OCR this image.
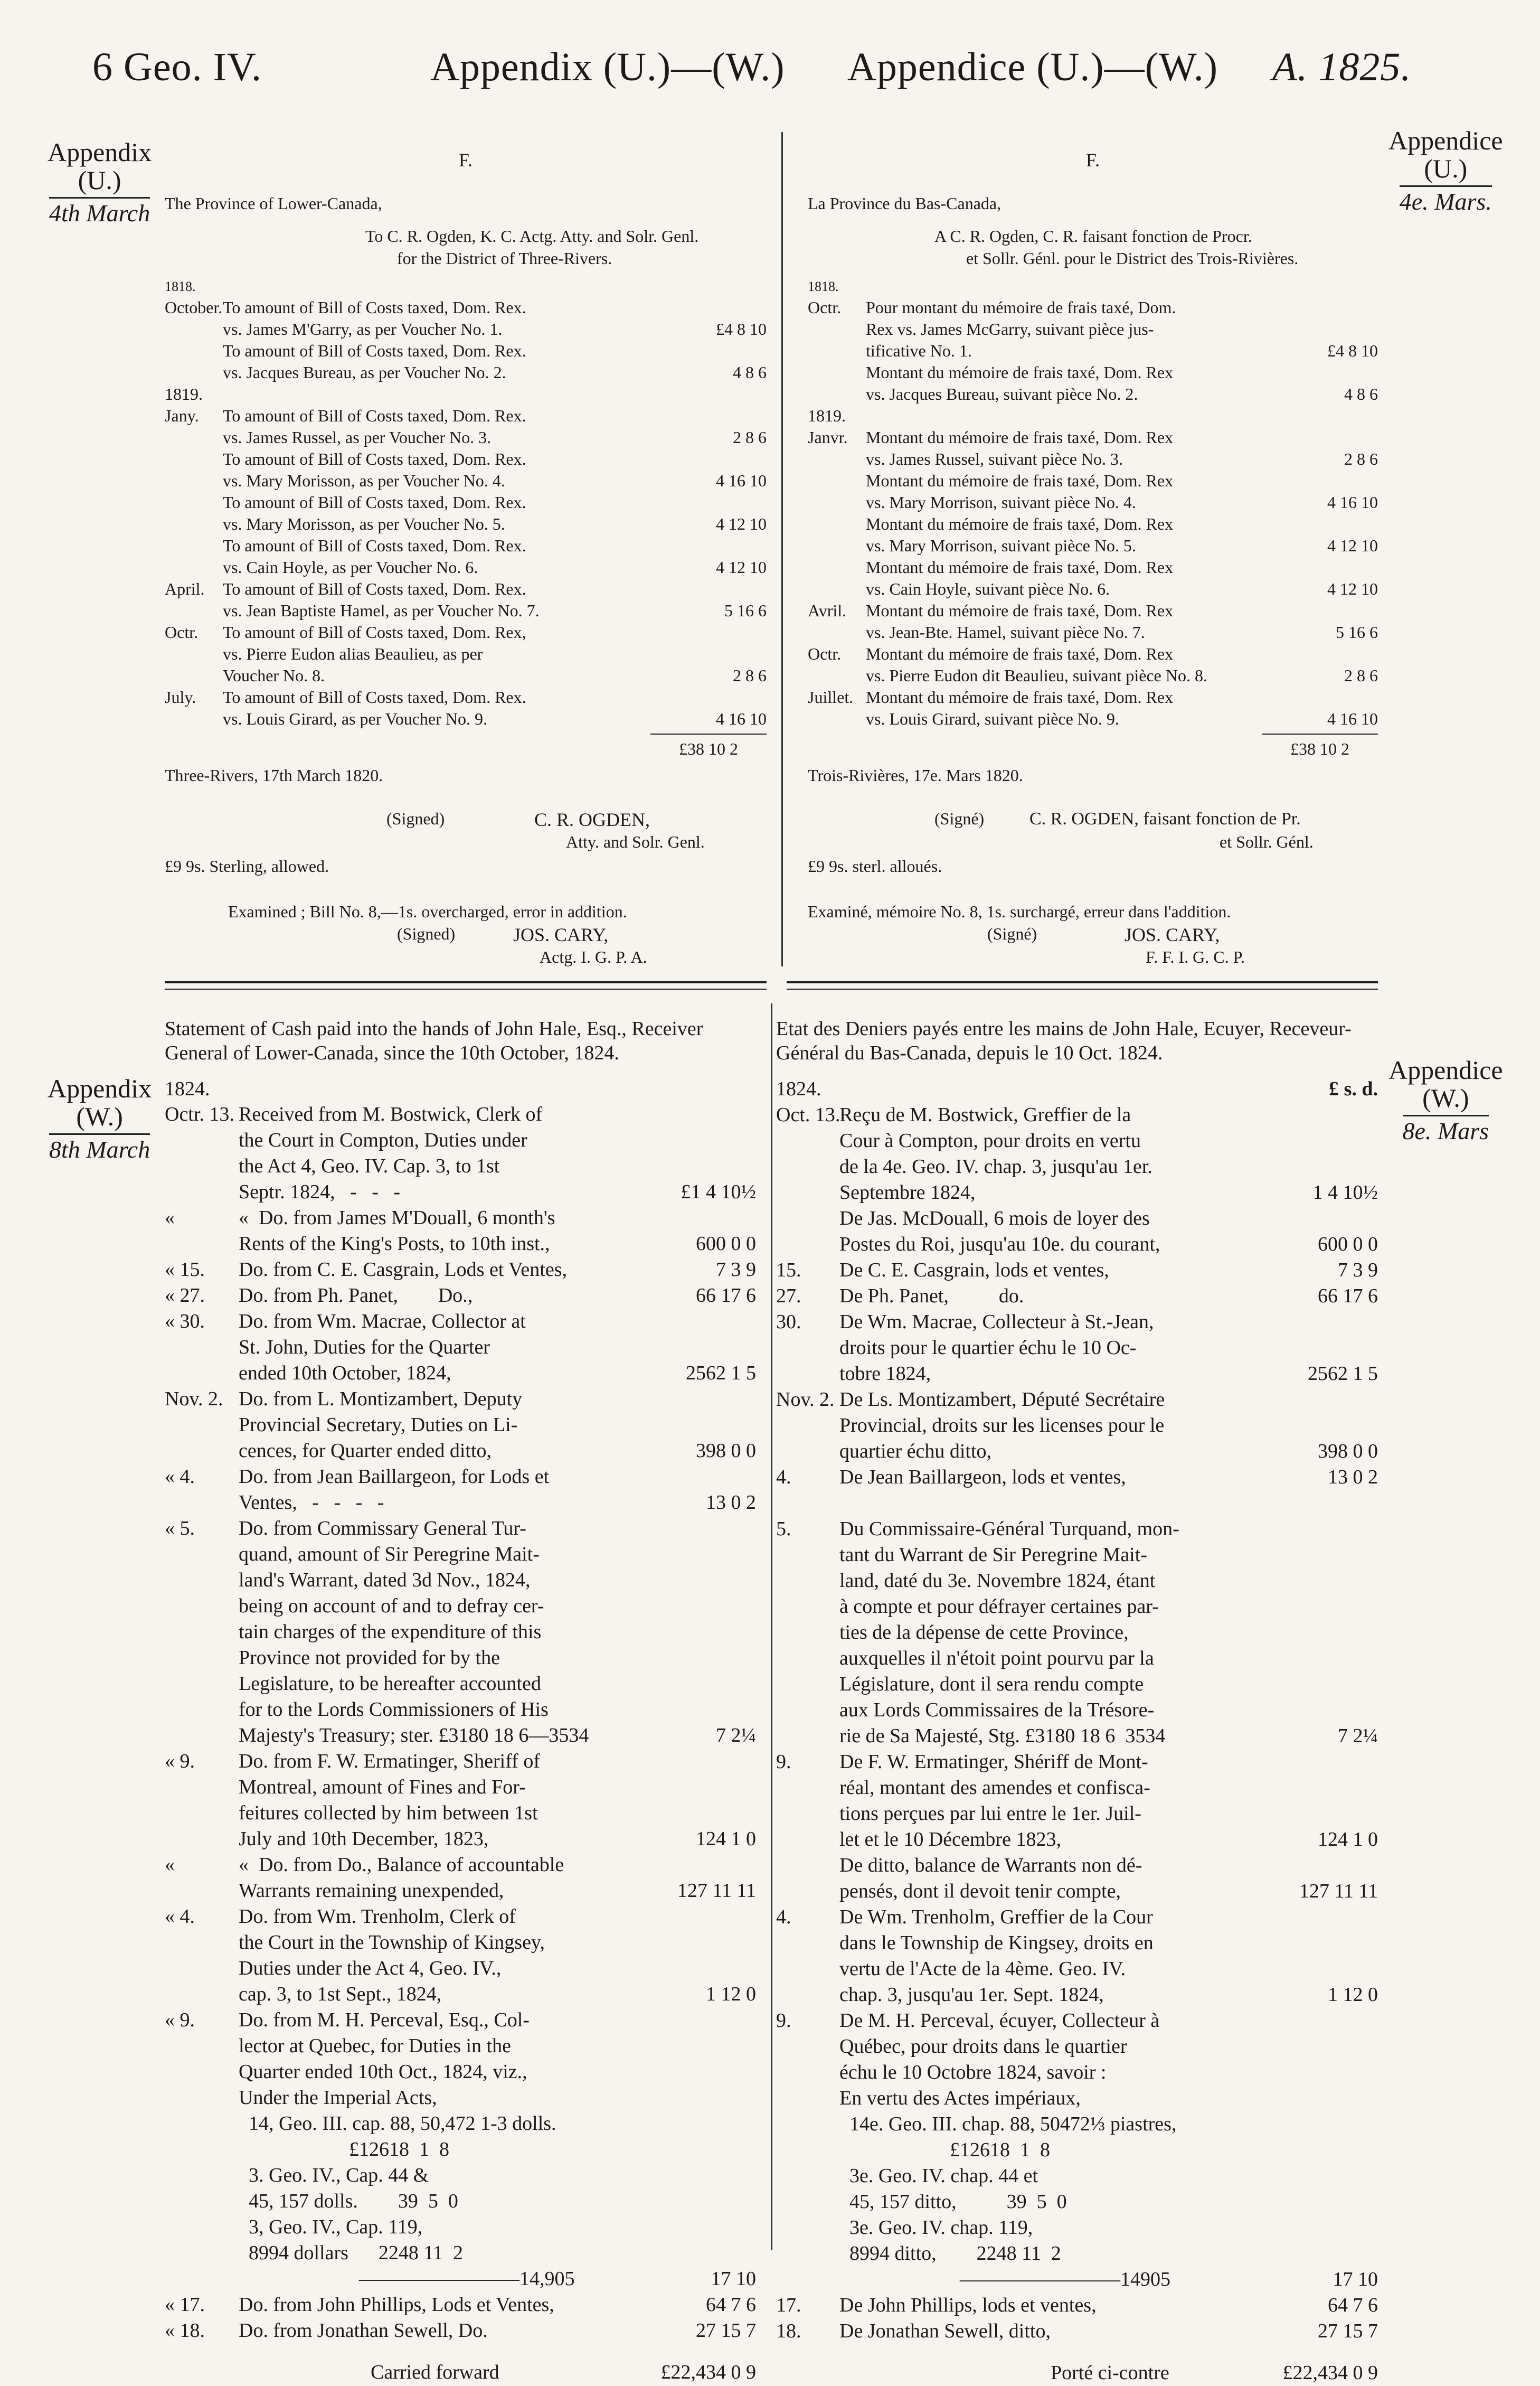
6 Geo. IV.	Appendix (U.)—(W.) Appendice (U.)—(W.) A. 1825.
Appendix
(U.)
4th March
Appendice
(U.)
4e. Mars.
F.
The Province of Lower-Canada,
To C. R. Ogden, K. C. Actg. Atty. and Solr. Genl.
for the District of Three-Rivers.
1818.
October. To amount of Bill of Costs taxed, Dom. Rex.
vs. James M'Garry, as per Voucher No. 1.	£4 8 10
To amount of Bill of Costs taxed, Dom. Rex.
vs. Jacques Bureau, as per Voucher No. 2.	4 8 6
1819.
Jany. To amount of Bill of Costs taxed, Dom. Rex.
vs. James Russel, as per Voucher No. 3.	2 8 6
To amount of Bill of Costs taxed, Dom. Rex.
vs. Mary Morisson, as per Voucher No. 4.	4 16 10
To amount of Bill of Costs taxed, Dom. Rex.
vs. Mary Morisson, as per Voucher No. 5.	4 12 10
To amount of Bill of Costs taxed, Dom. Rex.
vs. Cain Hoyle, as per Voucher No. 6.	4 12 10
April. To amount of Bill of Costs taxed, Dom. Rex.
vs. Jean Baptiste Hamel, as per Voucher No. 7.	5 16 6
Octr. To amount of Bill of Costs taxed, Dom. Rex,
vs. Pierre Eudon alias Beaulieu, as per
Voucher No. 8.	2 8 6
July. To amount of Bill of Costs taxed, Dom. Rex.
vs. Louis Girard, as per Voucher No. 9.	4 16 10
£38 10 2
Three-Rivers, 17th March 1820.
(Signed)	C. R. OGDEN,
Atty. and Solr. Genl.
£9 9s. Sterling, allowed.
Examined ; Bill No. 8,—1s. overcharged, error in addition.
(Signed)	JOS. CARY,
Actg. I. G. P. A.
F.
La Province du Bas-Canada,
A C. R. Ogden, C. R. faisant fonction de Procr.
et Sollr. Génl. pour le District des Trois-Rivières.
1818.
Octr. Pour montant du mémoire de frais taxé, Dom.
Rex vs. James McGarry, suivant pièce jus-
tificative No. 1.	£4 8 10
Montant du mémoire de frais taxé, Dom. Rex
vs. Jacques Bureau, suivant pièce No. 2.	4 8 6
1819.
Janvr. Montant du mémoire de frais taxé, Dom. Rex
vs. James Russel, suivant pièce No. 3.	2 8 6
Montant du mémoire de frais taxé, Dom. Rex
vs. Mary Morrison, suivant pièce No. 4.	4 16 10
Montant du mémoire de frais taxé, Dom. Rex
vs. Mary Morrison, suivant pièce No. 5.	4 12 10
Montant du mémoire de frais taxé, Dom. Rex
vs. Cain Hoyle, suivant pièce No. 6.	4 12 10
Avril. Montant du mémoire de frais taxé, Dom. Rex
vs. Jean-Bte. Hamel, suivant pièce No. 7.	5 16 6
Octr. Montant du mémoire de frais taxé, Dom. Rex
vs. Pierre Eudon dit Beaulieu, suivant pièce No. 8.	2 8 6
Juillet. Montant du mémoire de frais taxé, Dom. Rex
vs. Louis Girard, suivant pièce No. 9.	4 16 10
£38 10 2
Trois-Rivières, 17e. Mars 1820.
(Signé)	C. R. OGDEN, faisant fonction de Pr.
et Sollr. Génl.
£9 9s. sterl. alloués.
Examiné, mémoire No. 8, 1s. surchargé, erreur dans l'addition.
(Signé)	JOS. CARY,
F. F. I. G. C. P.
Appendix
(W.)
8th March
Appendice
(W.)
8e. Mars
Statement of Cash paid into the hands of John Hale, Esq., Receiver General of Lower-Canada, since the 10th October, 1824.
1824.
Octr. 13. Received from M. Bostwick, Clerk of
the Court in Compton, Duties under
the Act 4, Geo. IV. Cap. 3, to 1st
Septr. 1824,   -   -   -	£1 4 10½
«	«  Do. from James M'Douall, 6 month's
Rents of the King's Posts, to 10th inst.,	600 0 0
« 15. Do. from C. E. Casgrain, Lods et Ventes,	7 3 9
« 27. Do. from Ph. Panet,        Do.,	66 17 6
« 30. Do. from Wm. Macrae, Collector at
St. John, Duties for the Quarter
ended 10th October, 1824,	2562 1 5
Nov. 2. Do. from L. Montizambert, Deputy
Provincial Secretary, Duties on Li-
cences, for Quarter ended ditto,	398 0 0
« 4. Do. from Jean Baillargeon, for Lods et
Ventes,   -   -   -   -	13 0 2
« 5. Do. from Commissary General Tur-
quand, amount of Sir Peregrine Mait-
land's Warrant, dated 3d Nov., 1824,
being on account of and to defray cer-
tain charges of the expenditure of this
Province not provided for by the
Legislature, to be hereafter accounted
for to the Lords Commissioners of His
Majesty's Treasury; ster. £3180 18 6—3534	7 2¼
« 9. Do. from F. W. Ermatinger, Sheriff of
Montreal, amount of Fines and For-
feitures collected by him between 1st
July and 10th December, 1823,	124 1 0
«	«  Do. from Do., Balance of accountable
Warrants remaining unexpended,	127 11 11
« 4. Do. from Wm. Trenholm, Clerk of
the Court in the Township of Kingsey,
Duties under the Act 4, Geo. IV.,
cap. 3, to 1st Sept., 1824,	1 12 0
« 9. Do. from M. H. Perceval, Esq., Col-
lector at Quebec, for Duties in the
Quarter ended 10th Oct., 1824, viz.,
Under the Imperial Acts,
14, Geo. III. cap. 88, 50,472 1-3 dolls.
£12618  1  8
3. Geo. IV., Cap. 44 &
45, 157 dolls.        39  5  0
3, Geo. IV., Cap. 119,
8994 dollars      2248 11  2
————————14,905	17 10
« 17. Do. from John Phillips, Lods et Ventes,	64 7 6
« 18. Do. from Jonathan Sewell, Do.	27 15 7
Carried forward	£22,434 0 9
Etat des Deniers payés entre les mains de John Hale, Ecuyer, Receveur-Général du Bas-Canada, depuis le 10 Oct. 1824.
1824.	£ s. d.
Oct. 13.
Reçu de M. Bostwick, Greffier de la
Cour à Compton, pour droits en vertu
de la 4e. Geo. IV. chap. 3, jusqu'au 1er.
Septembre 1824,	1 4 10½
De Jas. McDouall, 6 mois de loyer des
Postes du Roi, jusqu'au 10e. du courant,	600 0 0
15. De C. E. Casgrain, lods et ventes,	7 3 9
27. De Ph. Panet,          do.	66 17 6
30. De Wm. Macrae, Collecteur à St.-Jean,
droits pour le quartier échu le 10 Oc-
tobre 1824,	2562 1 5
Nov. 2. De Ls. Montizambert, Député Secrétaire
Provincial, droits sur les licenses pour le
quartier échu ditto,	398 0 0
4. De Jean Baillargeon, lods et ventes,	13 0 2
5. Du Commissaire-Général Turquand, mon-
tant du Warrant de Sir Peregrine Mait-
land, daté du 3e. Novembre 1824, étant
à compte et pour défrayer certaines par-
ties de la dépense de cette Province,
auxquelles il n'étoit point pourvu par la
Législature, dont il sera rendu compte
aux Lords Commissaires de la Trésore-
rie de Sa Majesté, Stg. £3180 18 6  3534	7 2¼
9. De F. W. Ermatinger, Shériff de Mont-
réal, montant des amendes et confisca-
tions perçues par lui entre le 1er. Juil-
let et le 10 Décembre 1823,	124 1 0
De ditto, balance de Warrants non dé-
pensés, dont il devoit tenir compte,	127 11 11
4. De Wm. Trenholm, Greffier de la Cour
dans le Township de Kingsey, droits en
vertu de l'Acte de la 4ème. Geo. IV.
chap. 3, jusqu'au 1er. Sept. 1824,	1 12 0
9. De M. H. Perceval, écuyer, Collecteur à
Québec, pour droits dans le quartier
échu le 10 Octobre 1824, savoir :
En vertu des Actes impériaux,
14e. Geo. III. chap. 88, 50472⅓ piastres,
£12618  1  8
3e. Geo. IV. chap. 44 et
45, 157 ditto,          39  5  0
3e. Geo. IV. chap. 119,
8994 ditto,        2248 11  2
————————14905	17 10
17. De John Phillips, lods et ventes,	64 7 6
18. De Jonathan Sewell, ditto,	27 15 7
Porté ci-contre	£22,434 0 9
